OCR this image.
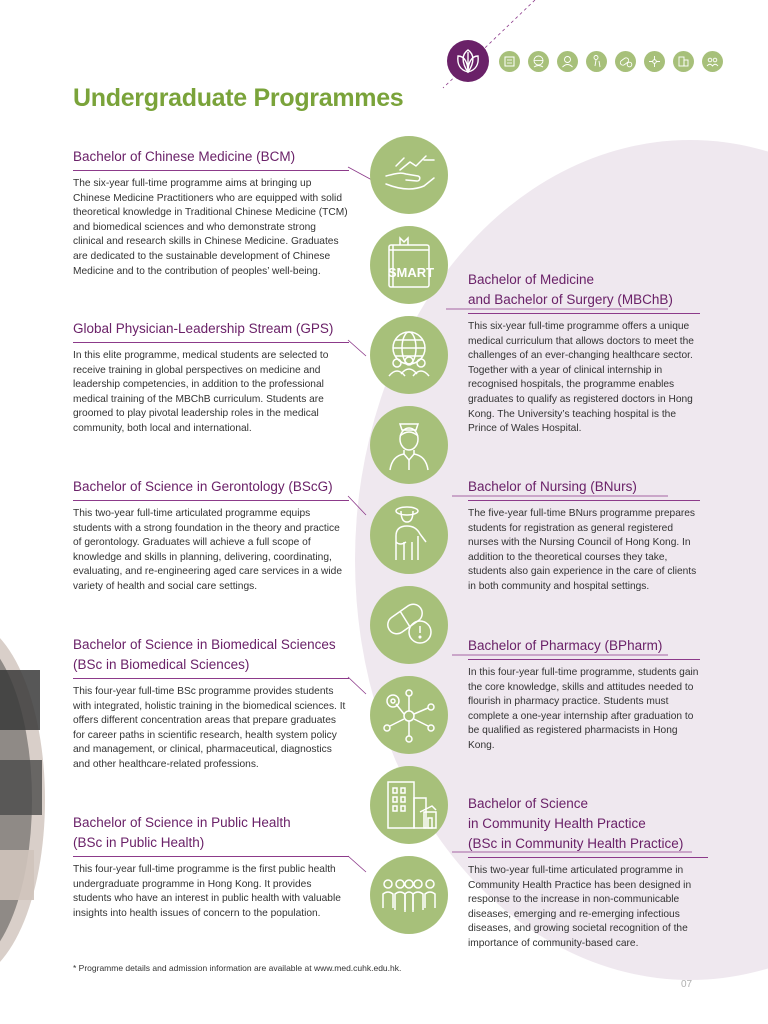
Undergraduate Programmes
Bachelor of Chinese Medicine (BCM)

The six-year full-time programme aims at bringing up Chinese Medicine Practitioners who are equipped with solid theoretical knowledge in Traditional Chinese Medicine (TCM) and biomedical sciences and who demonstrate strong clinical and research skills in Chinese Medicine. Graduates are dedicated to the sustainable development of Chinese Medicine and to the contribution of peoples’ well-being.

Global Physician-Leadership Stream (GPS)

In this elite programme, medical students are selected to receive training in global perspectives on medicine and leadership competencies, in addition to the professional medical training of the MBChB curriculum. Students are groomed to play pivotal leadership roles in the medical community, both local and international.

Bachelor of Science in Gerontology (BScG)

This two-year full-time articulated programme equips students with a strong foundation in the theory and practice of gerontology. Graduates will achieve a full scope of knowledge and skills in planning, delivering, coordinating, evaluating, and re-engineering aged care services in a wide variety of health and social care settings.

Bachelor of Science in Biomedical Sciences
(BSc in Biomedical Sciences)

This four-year full-time BSc programme provides students with integrated, holistic training in the biomedical sciences. It offers different concentration areas that prepare graduates for career paths in scientific research, health system policy and management, or clinical, pharmaceutical, diagnostics and other healthcare-related professions.

Bachelor of Science in Public Health
(BSc in Public Health)

This four-year full-time programme is the first public health undergraduate programme in Hong Kong. It provides students who have an interest in public health with valuable insights into health issues of concern to the population.

Bachelor of Medicine
and Bachelor of Surgery (MBChB)

This six-year full-time programme offers a unique medical curriculum that allows doctors to meet the challenges of an ever-changing healthcare sector. Together with a year of clinical internship in recognised hospitals, the programme enables graduates to qualify as registered doctors in Hong Kong. The University’s teaching hospital is the Prince of Wales Hospital.

Bachelor of Nursing (BNurs)

The five-year full-time BNurs programme prepares students for registration as general registered nurses with the Nursing Council of Hong Kong. In addition to the theoretical courses they take, students also gain experience in the care of clients in both community and hospital settings.

Bachelor of Pharmacy (BPharm)

In this four-year full-time programme, students gain the core knowledge, skills and attitudes needed to flourish in pharmacy practice. Students must complete a one-year internship after graduation to be qualified as registered pharmacists in Hong Kong.

Bachelor of Science
in Community Health Practice
(BSc in Community Health Practice)

This two-year full-time articulated programme in Community Health Practice has been designed in response to the increase in non-communicable diseases, emerging and re-emerging infectious diseases, and growing societal recognition of the importance of community-based care.

SMART

* Programme details and admission information are available at www.med.cuhk.edu.hk.

07
